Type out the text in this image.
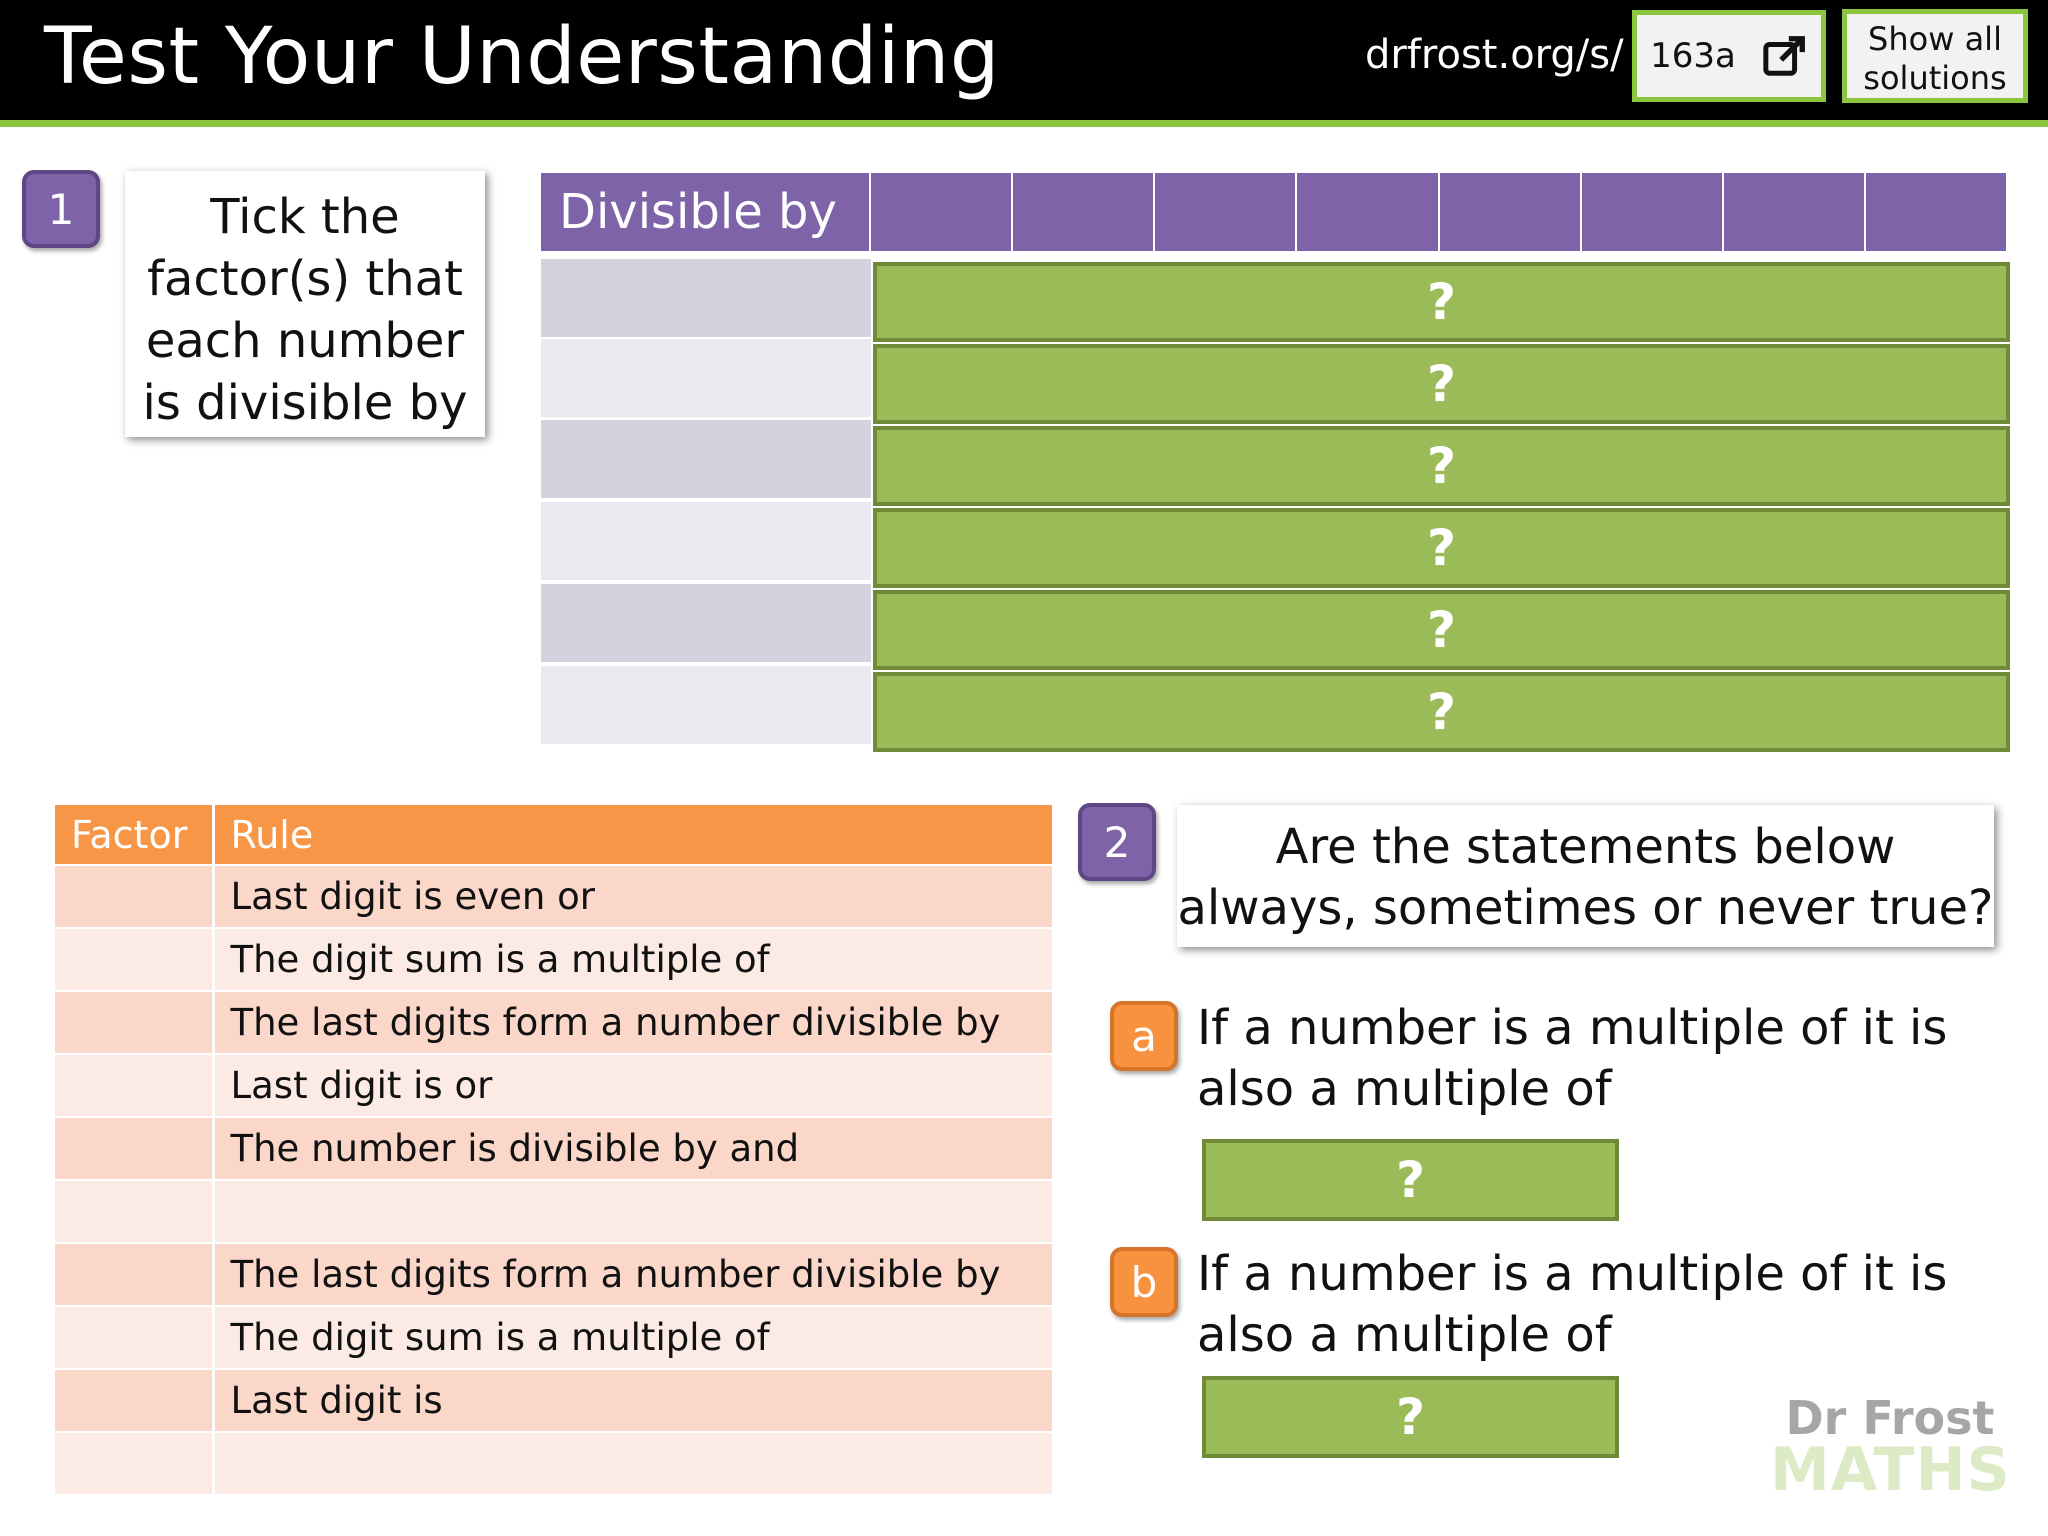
Test Your Understanding	drfrost.org/s/ 163a	Show all
solutions
1	Tick the
factor(s) that
each number
is divisible by
Divisible by
?
?
?
?
?
?
Factor	Rule
	Last digit is even or
	The digit sum is a multiple of
	The last digits form a number divisible by
	Last digit is or
	The number is divisible by and

	The last digits form a number divisible by
	The digit sum is a multiple of
	Last digit is

2	Are the statements below
always, sometimes or never true?
a If a number is a multiple of it is
also a multiple of
?
b If a number is a multiple of it is
also a multiple of
?	Dr Frost
MATHS
